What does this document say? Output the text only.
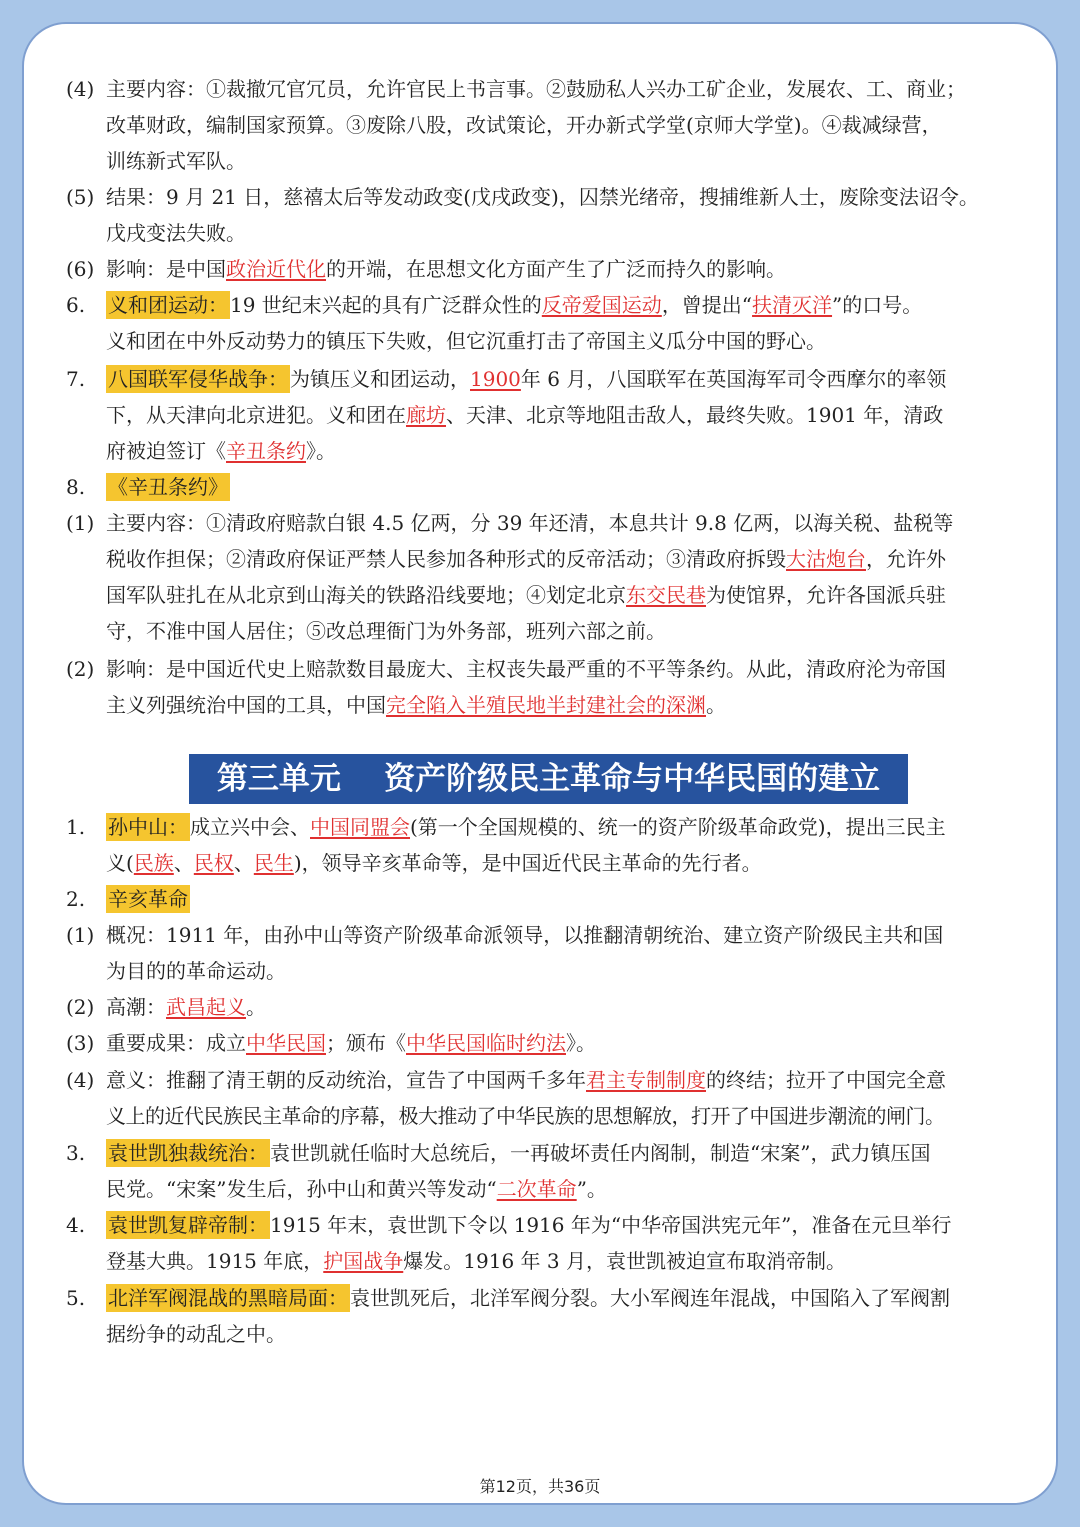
(4) 主要内容：①裁撤冗官冗员，允许官民上书言事。②鼓励私人兴办工矿企业，发展农、工、商业；
改革财政，编制国家预算。③废除八股，改试策论，开办新式学堂(京师大学堂)。④裁减绿营，
训练新式军队。
(5) 结果：9 月 21 日，慈禧太后等发动政变(戊戌政变)，囚禁光绪帝，搜捕维新人士，废除变法诏令。
戊戌变法失败。
(6) 影响：是中国政治近代化的开端，在思想文化方面产生了广泛而持久的影响。
6. 义和团运动： 19 世纪末兴起的具有广泛群众性的反帝爱国运动，曾提出“扶清灭洋”的口号。
义和团在中外反动势力的镇压下失败，但它沉重打击了帝国主义瓜分中国的野心。
7. 八国联军侵华战争： 为镇压义和团运动，1900年 6 月，八国联军在英国海军司令西摩尔的率领
下，从天津向北京进犯。义和团在廊坊、天津、北京等地阻击敌人，最终失败。1901 年，清政
府被迫签订《辛丑条约》。
8. 《辛丑条约》
(1) 主要内容：①清政府赔款白银 4.5 亿两，分 39 年还清，本息共计 9.8 亿两，以海关税、盐税等
税收作担保；②清政府保证严禁人民参加各种形式的反帝活动；③清政府拆毁大沽炮台，允许外
国军队驻扎在从北京到山海关的铁路沿线要地；④划定北京东交民巷为使馆界，允许各国派兵驻
守，不准中国人居住；⑤改总理衙门为外务部，班列六部之前。
(2) 影响：是中国近代史上赔款数目最庞大、主权丧失最严重的不平等条约。从此，清政府沦为帝国
主义列强统治中国的工具，中国完全陷入半殖民地半封建社会的深渊。
第三单元    资产阶级民主革命与中华民国的建立
1. 孙中山： 成立兴中会、中国同盟会(第一个全国规模的、统一的资产阶级革命政党)，提出三民主
义(民族、民权、民生)，领导辛亥革命等，是中国近代民主革命的先行者。
2. 辛亥革命
(1) 概况：1911 年，由孙中山等资产阶级革命派领导，以推翻清朝统治、建立资产阶级民主共和国
为目的的革命运动。
(2) 高潮：武昌起义。
(3) 重要成果：成立中华民国；颁布《中华民国临时约法》。
(4) 意义：推翻了清王朝的反动统治，宣告了中国两千多年君主专制制度的终结；拉开了中国完全意
义上的近代民族民主革命的序幕，极大推动了中华民族的思想解放，打开了中国进步潮流的闸门。
3. 袁世凯独裁统治： 袁世凯就任临时大总统后，一再破坏责任内阁制，制造“宋案”，武力镇压国
民党。“宋案”发生后，孙中山和黄兴等发动“二次革命”。
4. 袁世凯复辟帝制： 1915 年末，袁世凯下令以 1916 年为“中华帝国洪宪元年”，准备在元旦举行
登基大典。1915 年底，护国战争爆发。1916 年 3 月，袁世凯被迫宣布取消帝制。
5. 北洋军阀混战的黑暗局面： 袁世凯死后，北洋军阀分裂。大小军阀连年混战，中国陷入了军阀割
据纷争的动乱之中。
第12页，共36页
